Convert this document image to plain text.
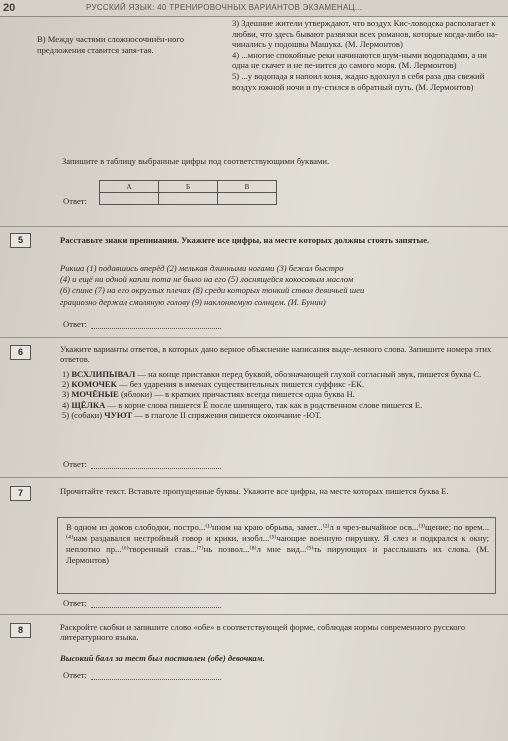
20	РУССКИЙ ЯЗЫК: 40 ТРЕНИРОВОЧНЫХ ВАРИАНТОВ ЭКЗАМЕНАЦ...

В) Между частями сложносочинён-ного предложения ставится запя-тая.

3) Здешние жители утверждают, что воздух Кис-ловодска располагает к любви, что здесь бывают развязки всех романов, которые когда-либо на-чинались у подошвы Машука. (М. Лермонтов)

4) ...многие спокойные реки начинаются шум-ными водопадами, а ни одна не скачет и не пе-нится до самого моря. (М. Лермонтов)

5) ...у водопада я напоил коня, жадно вдохнул в себя раза два свежий воздух южной ночи и пу-стился в обратный путь. (М. Лермонтов)

Запишите в таблицу выбранные цифры под соответствующими буквами.
Ответ:
А	Б	В

5	Расставьте знаки препинания. Укажите все цифры, на месте которых должны стоять запятые.
Рикша (1) подавшись вперёд (2) мелькая длинными ногами (3) бежал быстро
(4) и ещё ни одной капли пота не было на его (5) лоснящейся кокосовым маслом
(6) спине (7) на его округлых плечах (8) среди которых тонкий ствол девичьей шеи
грациозно держал смоляную голову (9) наклоняемую солнцем. (И. Бунин)
Ответ:
6	Укажите варианты ответов, в которых дано верное объяснение написания выде-ленного слова. Запишите номера этих ответов.
1) ВСХЛИПЫВАЛ — на конце приставки перед буквой, обозначающей глухой согласный звук, пишется буква С.
2) КОМОЧЕК — без ударения в именах существительных пишется суффикс -ЕК.
3) МОЧЁНЫЕ (яблоки) — в кратких причастиях всегда пишется одна буква Н.
4) ЩЁЛКА — в корне слова пишется Ё после шипящего, так как в родственном слове пишется Е.
5) (собаки) ЧУЮТ — в глаголе II спряжения пишется окончание -ЮТ.
Ответ:
7	Прочитайте текст. Вставьте пропущенные буквы. Укажите все цифры, на месте которых пишется буква Е.

В одном из домов слободки, постро...⁽¹⁾нном на краю обрыва, замет...⁽²⁾л я чрез-вычайное осв...⁽³⁾щение; по врем...⁽⁴⁾нам раздавался нестройный говор и крики, изобл...⁽⁵⁾чающие военную пирушку. Я слез и подкрался к окну; неплотно пр...⁽⁶⁾творенный став...⁽⁷⁾нь позвол...⁽⁸⁾л мне вид...⁽⁹⁾ть пирующих и расслышать их слова. (М. Лермонтов)

Ответ:
8	Раскройте скобки и запишите слово «обе» в соответствующей форме, соблюдая нормы современного русского литературного языка.
Высокий балл за тест был поставлен (обе) девочкам.
Ответ:
